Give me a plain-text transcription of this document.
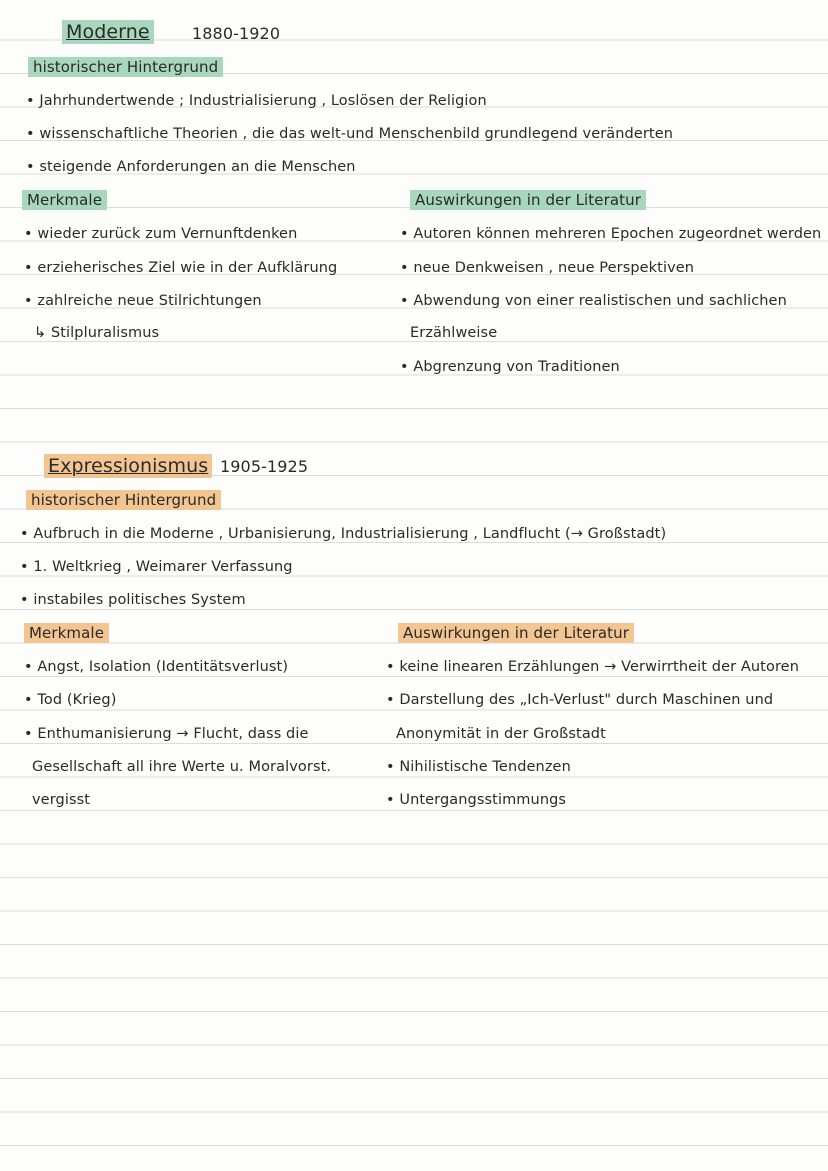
Moderne	1880-1920
historischer Hintergrund
• Jahrhundertwende ; Industrialisierung , Loslösen der Religion
• wissenschaftliche Theorien , die das welt-und Menschenbild grundlegend veränderten
• steigende Anforderungen an die Menschen
Merkmale
• wieder zurück zum Vernunftdenken
• erzieherisches Ziel wie in der Aufklärung
• zahlreiche neue Stilrichtungen
↳ Stilpluralismus
Auswirkungen in der Literatur
• Autoren können mehreren Epochen zugeordnet werden
• neue Denkweisen , neue Perspektiven
• Abwendung von einer realistischen und sachlichen
Erzählweise
• Abgrenzung von Traditionen
Expressionismus 1905-1925
historischer Hintergrund
• Aufbruch in die Moderne , Urbanisierung, Industrialisierung , Landflucht (→ Großstadt)
• 1. Weltkrieg , Weimarer Verfassung
• instabiles politisches System
Merkmale
• Angst, Isolation (Identitätsverlust)
• Tod (Krieg)
• Enthumanisierung → Flucht, dass die
Gesellschaft all ihre Werte u. Moralvorst.
vergisst
Auswirkungen in der Literatur
• keine linearen Erzählungen → Verwirrtheit der Autoren
• Darstellung des „Ich-Verlust" durch Maschinen und
Anonymität in der Großstadt
• Nihilistische Tendenzen
• Untergangsstimmungs
